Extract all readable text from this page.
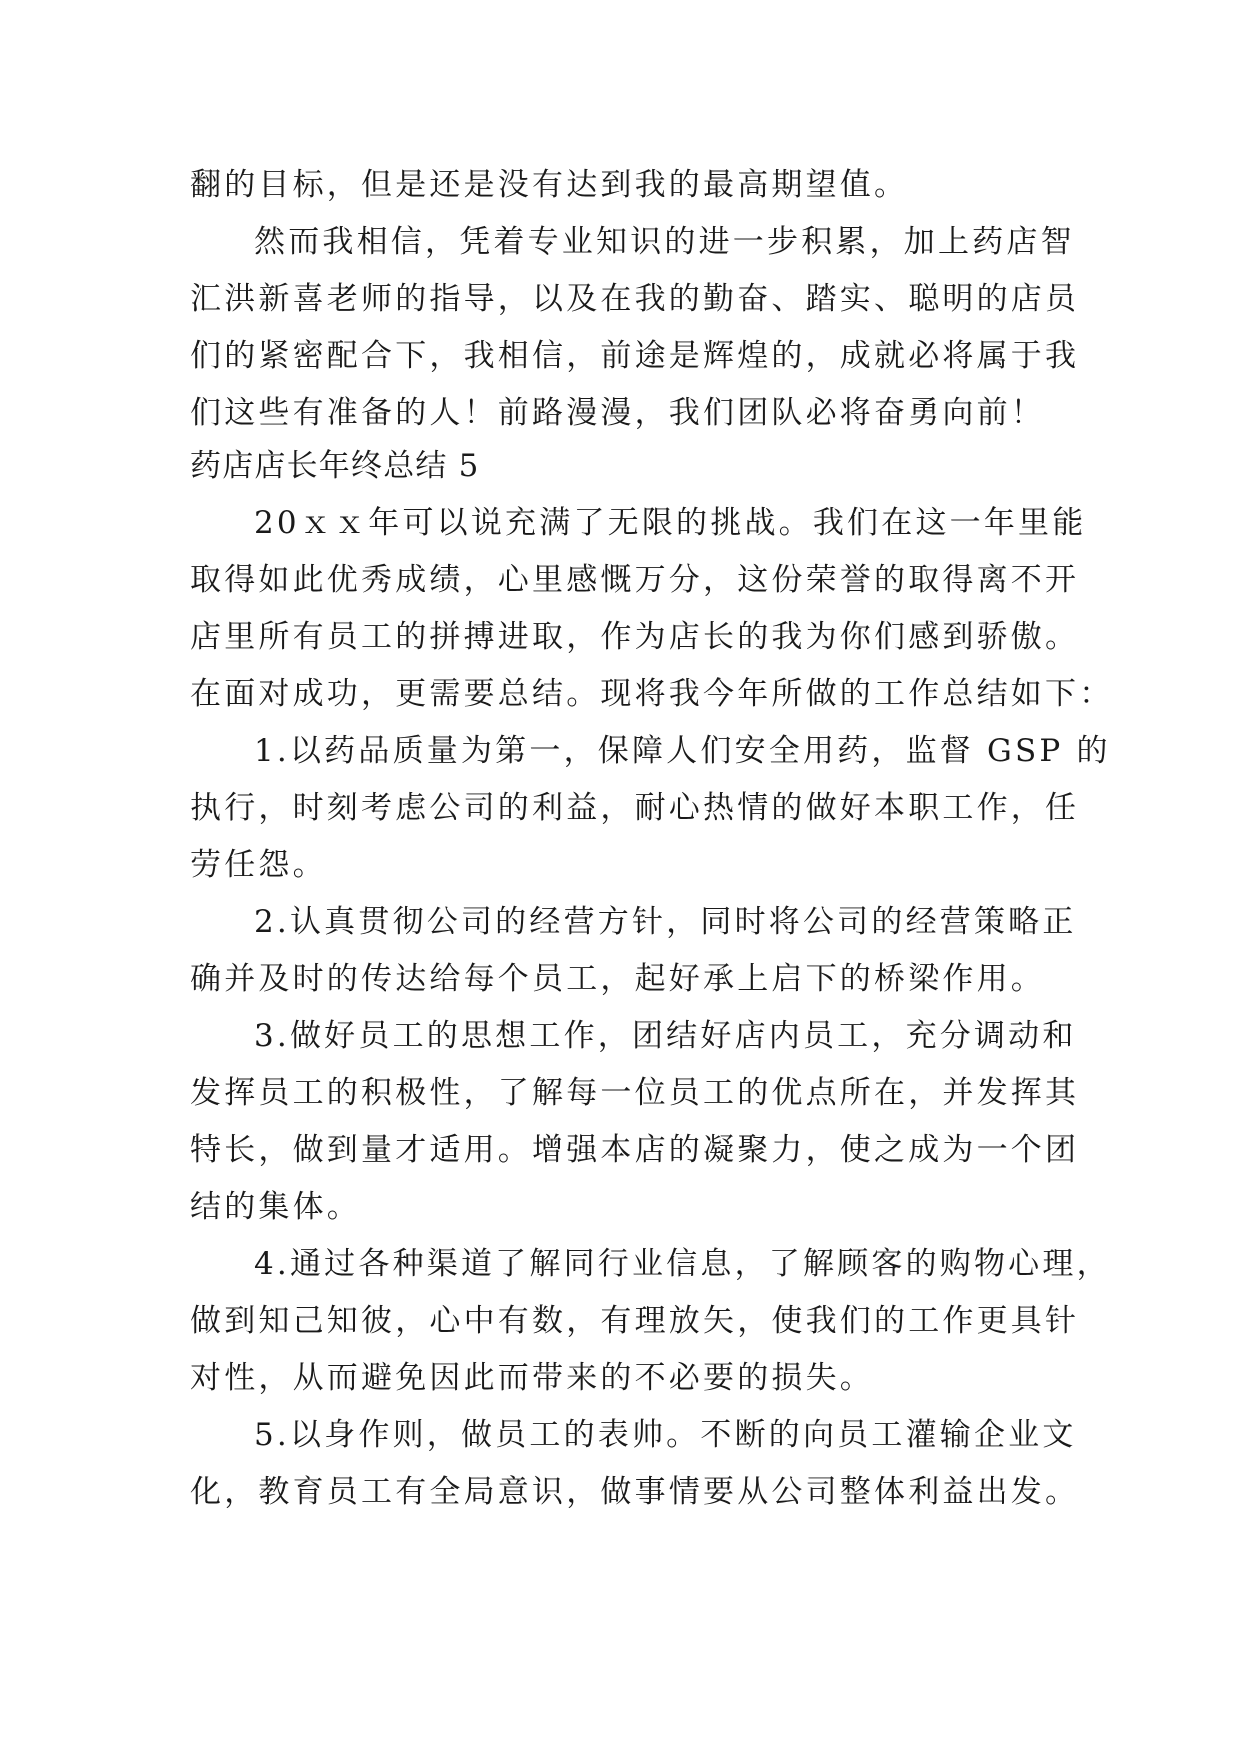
翻的目标，但是还是没有达到我的最高期望值。
然而我相信，凭着专业知识的进一步积累，加上药店智
汇洪新喜老师的指导，以及在我的勤奋、踏实、聪明的店员
们的紧密配合下，我相信，前途是辉煌的，成就必将属于我
们这些有准备的人！前路漫漫，我们团队必将奋勇向前！
药店店长年终总结 5
20ｘｘ年可以说充满了无限的挑战。我们在这一年里能
取得如此优秀成绩，心里感慨万分，这份荣誉的取得离不开
店里所有员工的拼搏进取，作为店长的我为你们感到骄傲。
在面对成功，更需要总结。现将我今年所做的工作总结如下：
1.以药品质量为第一，保障人们安全用药，监督 GSP 的
执行，时刻考虑公司的利益，耐心热情的做好本职工作，任
劳任怨。
2.认真贯彻公司的经营方针，同时将公司的经营策略正
确并及时的传达给每个员工，起好承上启下的桥梁作用。
3.做好员工的思想工作，团结好店内员工，充分调动和
发挥员工的积极性，了解每一位员工的优点所在，并发挥其
特长，做到量才适用。增强本店的凝聚力，使之成为一个团
结的集体。
4.通过各种渠道了解同行业信息，了解顾客的购物心理，
做到知己知彼，心中有数，有理放矢，使我们的工作更具针
对性，从而避免因此而带来的不必要的损失。
5.以身作则，做员工的表帅。不断的向员工灌输企业文
化，教育员工有全局意识，做事情要从公司整体利益出发。
